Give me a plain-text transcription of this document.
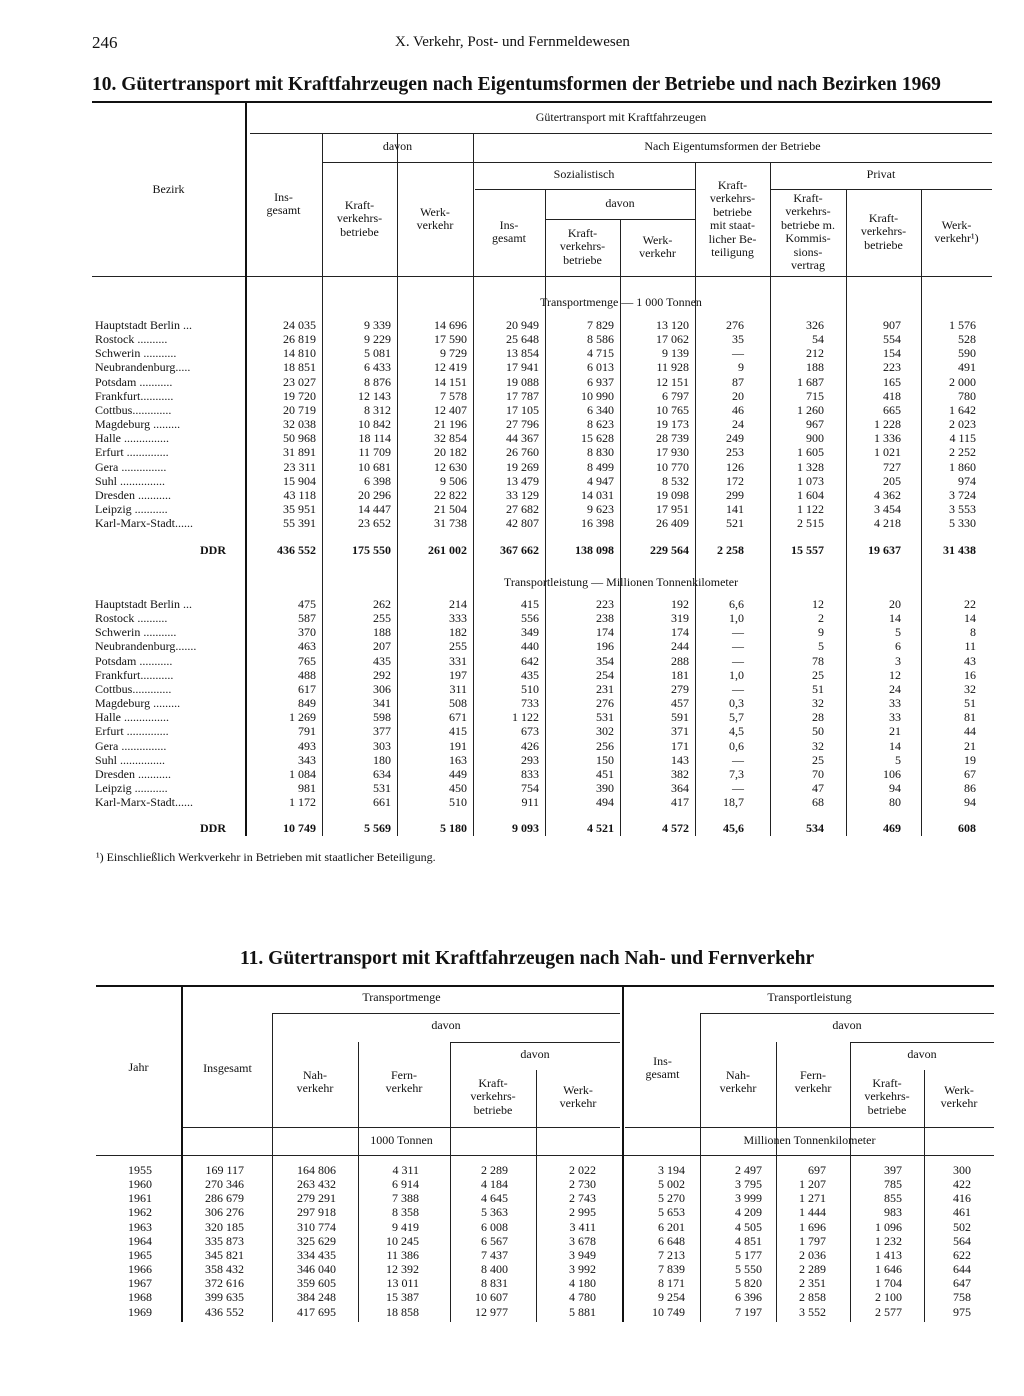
246	X. Verkehr, Post- und Fernmeldewesen
10. Gütertransport mit Kraftfahrzeugen nach Eigentumsformen der Betriebe und nach Bezirken 1969
Bezirk
Gütertransport mit Kraftfahrzeugen
Ins-
gesamt
davon
Kraft-
verkehrs-
betriebe
Werk-
verkehr
Nach Eigentumsformen der Betriebe
Sozialistisch
Ins-
gesamt
davon
Kraft-
verkehrs-
betriebe
Werk-
verkehr
Kraft-
verkehrs-
betriebe
mit staat-
licher Be-
teiligung
Privat
Kraft-
verkehrs-
betriebe m.
Kommis-
sions-
vertrag
Kraft-
verkehrs-
betriebe
Werk-
verkehr¹)
Transportmenge — 1 000 Tonnen
Hauptstadt Berlin ...	24 035	9 339	14 696	20 949	7 829	13 120	276	326	907	1 576
Rostock ..........	26 819	9 229	17 590	25 648	8 586	17 062	35	54	554	528
Schwerin ...........	14 810	5 081	9 729	13 854	4 715	9 139	—	212	154	590
Neubrandenburg.....	18 851	6 433	12 419	17 941	6 013	11 928	9	188	223	491
Potsdam ...........	23 027	8 876	14 151	19 088	6 937	12 151	87	1 687	165	2 000
Frankfurt...........	19 720	12 143	7 578	17 787	10 990	6 797	20	715	418	780
Cottbus.............	20 719	8 312	12 407	17 105	6 340	10 765	46	1 260	665	1 642
Magdeburg .........	32 038	10 842	21 196	27 796	8 623	19 173	24	967	1 228	2 023
Halle ...............	50 968	18 114	32 854	44 367	15 628	28 739	249	900	1 336	4 115
Erfurt ..............	31 891	11 709	20 182	26 760	8 830	17 930	253	1 605	1 021	2 252
Gera ...............	23 311	10 681	12 630	19 269	8 499	10 770	126	1 328	727	1 860
Suhl ...............	15 904	6 398	9 506	13 479	4 947	8 532	172	1 073	205	974
Dresden ...........	43 118	20 296	22 822	33 129	14 031	19 098	299	1 604	4 362	3 724
Leipzig ...........	35 951	14 447	21 504	27 682	9 623	17 951	141	1 122	3 454	3 553
Karl-Marx-Stadt......	55 391	23 652	31 738	42 807	16 398	26 409	521	2 515	4 218	5 330
DDR	436 552	175 550	261 002	367 662	138 098	229 564	2 258	15 557	19 637	31 438
Transportleistung — Millionen Tonnenkilometer
Hauptstadt Berlin ...	475	262	214	415	223	192	6,6	12	20	22
Rostock ..........	587	255	333	556	238	319	1,0	2	14	14
Schwerin ...........	370	188	182	349	174	174	—	9	5	8
Neubrandenburg.......	463	207	255	440	196	244	—	5	6	11
Potsdam ...........	765	435	331	642	354	288	—	78	3	43
Frankfurt...........	488	292	197	435	254	181	1,0	25	12	16
Cottbus.............	617	306	311	510	231	279	—	51	24	32
Magdeburg .........	849	341	508	733	276	457	0,3	32	33	51
Halle ...............	1 269	598	671	1 122	531	591	5,7	28	33	81
Erfurt ..............	791	377	415	673	302	371	4,5	50	21	44
Gera ...............	493	303	191	426	256	171	0,6	32	14	21
Suhl ...............	343	180	163	293	150	143	—	25	5	19
Dresden ...........	1 084	634	449	833	451	382	7,3	70	106	67
Leipzig ...........	981	531	450	754	390	364	—	47	94	86
Karl-Marx-Stadt......	1 172	661	510	911	494	417	18,7	68	80	94
DDR	10 749	5 569	5 180	9 093	4 521	4 572	45,6	534	469	608
¹) Einschließlich Werkverkehr in Betrieben mit staatlicher Beteiligung.
11. Gütertransport mit Kraftfahrzeugen nach Nah- und Fernverkehr
Jahr
Transportmenge	Transportleistung
Insgesamt
davon
Nah-
verkehr
Fern-
verkehr
davon
Kraft-
verkehrs-
betriebe
Werk-
verkehr
Ins-
gesamt
davon
Nah-
verkehr
Fern-
verkehr
davon
Kraft-
verkehrs-
betriebe
Werk-
verkehr
1000 Tonnen	Millionen Tonnenkilometer
1955	169 117	164 806	4 311	2 289	2 022	3 194	2 497	697	397	300
1960	270 346	263 432	6 914	4 184	2 730	5 002	3 795	1 207	785	422
1961	286 679	279 291	7 388	4 645	2 743	5 270	3 999	1 271	855	416
1962	306 276	297 918	8 358	5 363	2 995	5 653	4 209	1 444	983	461
1963	320 185	310 774	9 419	6 008	3 411	6 201	4 505	1 696	1 096	502
1964	335 873	325 629	10 245	6 567	3 678	6 648	4 851	1 797	1 232	564
1965	345 821	334 435	11 386	7 437	3 949	7 213	5 177	2 036	1 413	622
1966	358 432	346 040	12 392	8 400	3 992	7 839	5 550	2 289	1 646	644
1967	372 616	359 605	13 011	8 831	4 180	8 171	5 820	2 351	1 704	647
1968	399 635	384 248	15 387	10 607	4 780	9 254	6 396	2 858	2 100	758
1969	436 552	417 695	18 858	12 977	5 881	10 749	7 197	3 552	2 577	975
